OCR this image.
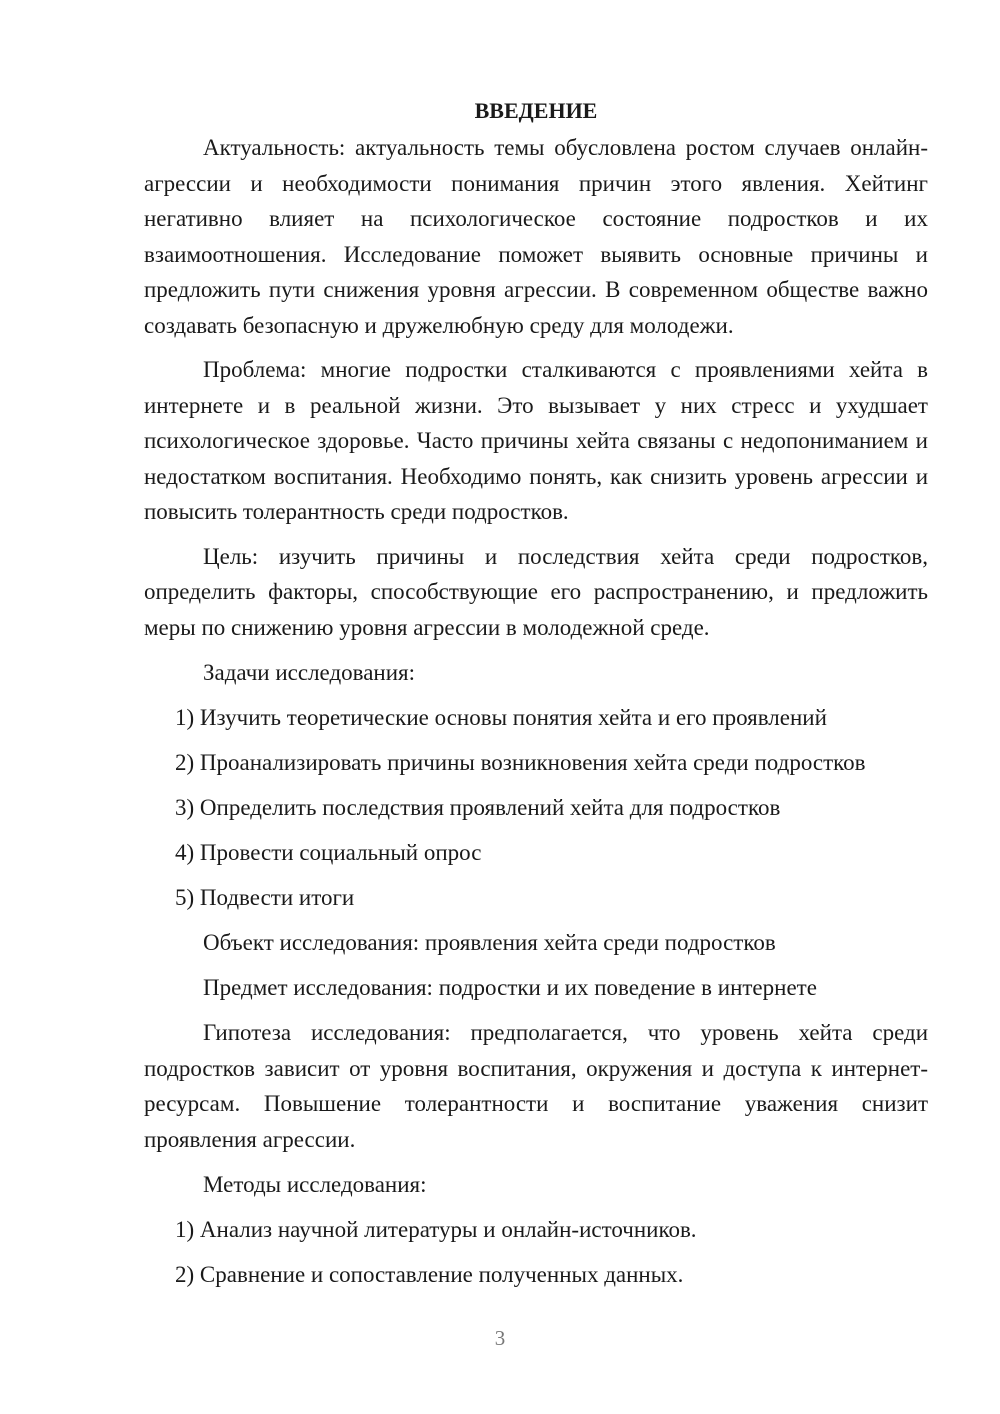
ВВЕДЕНИЕ

Актуальность: актуальность темы обусловлена ростом случаев онлайн-агрессии и необходимости понимания причин этого явления. Хейтинг негативно влияет на психологическое состояние подростков и их взаимоотношения. Исследование поможет выявить основные причины и предложить пути снижения уровня агрессии. В современном обществе важно создавать безопасную и дружелюбную среду для молодежи.

Проблема: многие подростки сталкиваются с проявлениями хейта в интернете и в реальной жизни. Это вызывает у них стресс и ухудшает психологическое здоровье. Часто причины хейта связаны с недопониманием и недостатком воспитания. Необходимо понять, как снизить уровень агрессии и повысить толерантность среди подростков.

Цель: изучить причины и последствия хейта среди подростков, определить факторы, способствующие его распространению, и предложить меры по снижению уровня агрессии в молодежной среде.

Задачи исследования:

1) Изучить теоретические основы понятия хейта и его проявлений

2) Проанализировать причины возникновения хейта среди подростков

3) Определить последствия проявлений хейта для подростков

4) Провести социальный опрос

5) Подвести итоги

Объект исследования: проявления хейта среди подростков

Предмет исследования: подростки и их поведение в интернете

Гипотеза исследования: предполагается, что уровень хейта среди подростков зависит от уровня воспитания, окружения и доступа к интернет-ресурсам. Повышение толерантности и воспитание уважения снизит проявления агрессии.

Методы исследования:

1) Анализ научной литературы и онлайн-источников.

2) Сравнение и сопоставление полученных данных.

3
